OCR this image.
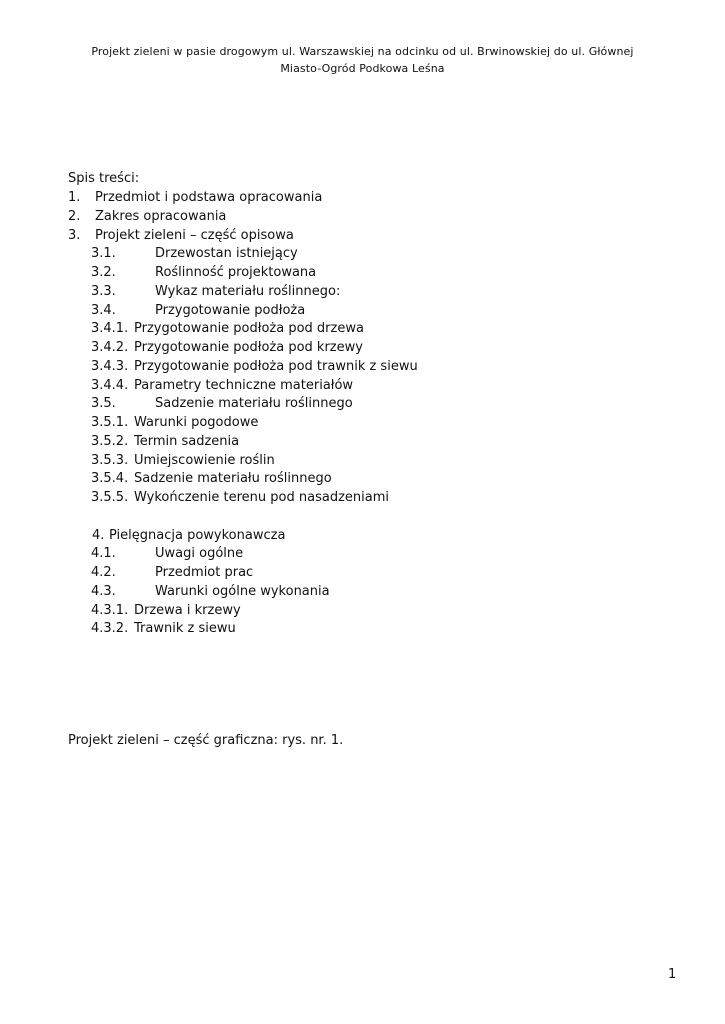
Projekt zieleni w pasie drogowym ul. Warszawskiej na odcinku od ul. Brwinowskiej do ul. Głównej
Miasto-Ogród Podkowa Leśna
Spis treści:
1. Przedmiot i podstawa opracowania
2. Zakres opracowania
3. Projekt zieleni – część opisowa
3.1.	Drzewostan istniejący
3.2.	Roślinność projektowana
3.3.	Wykaz materiału roślinnego:
3.4.	Przygotowanie podłoża
3.4.1. Przygotowanie podłoża pod drzewa
3.4.2. Przygotowanie podłoża pod krzewy
3.4.3. Przygotowanie podłoża pod trawnik z siewu
3.4.4. Parametry techniczne materiałów
3.5.	Sadzenie materiału roślinnego
3.5.1. Warunki pogodowe
3.5.2. Termin sadzenia
3.5.3. Umiejscowienie roślin
3.5.4. Sadzenie materiału roślinnego
3.5.5. Wykończenie terenu pod nasadzeniami
4. Pielęgnacja powykonawcza
4.1.	Uwagi ogólne
4.2.	Przedmiot prac
4.3.	Warunki ogólne wykonania
4.3.1. Drzewa i krzewy
4.3.2. Trawnik z siewu
Projekt zieleni – część graficzna: rys. nr. 1.
1
